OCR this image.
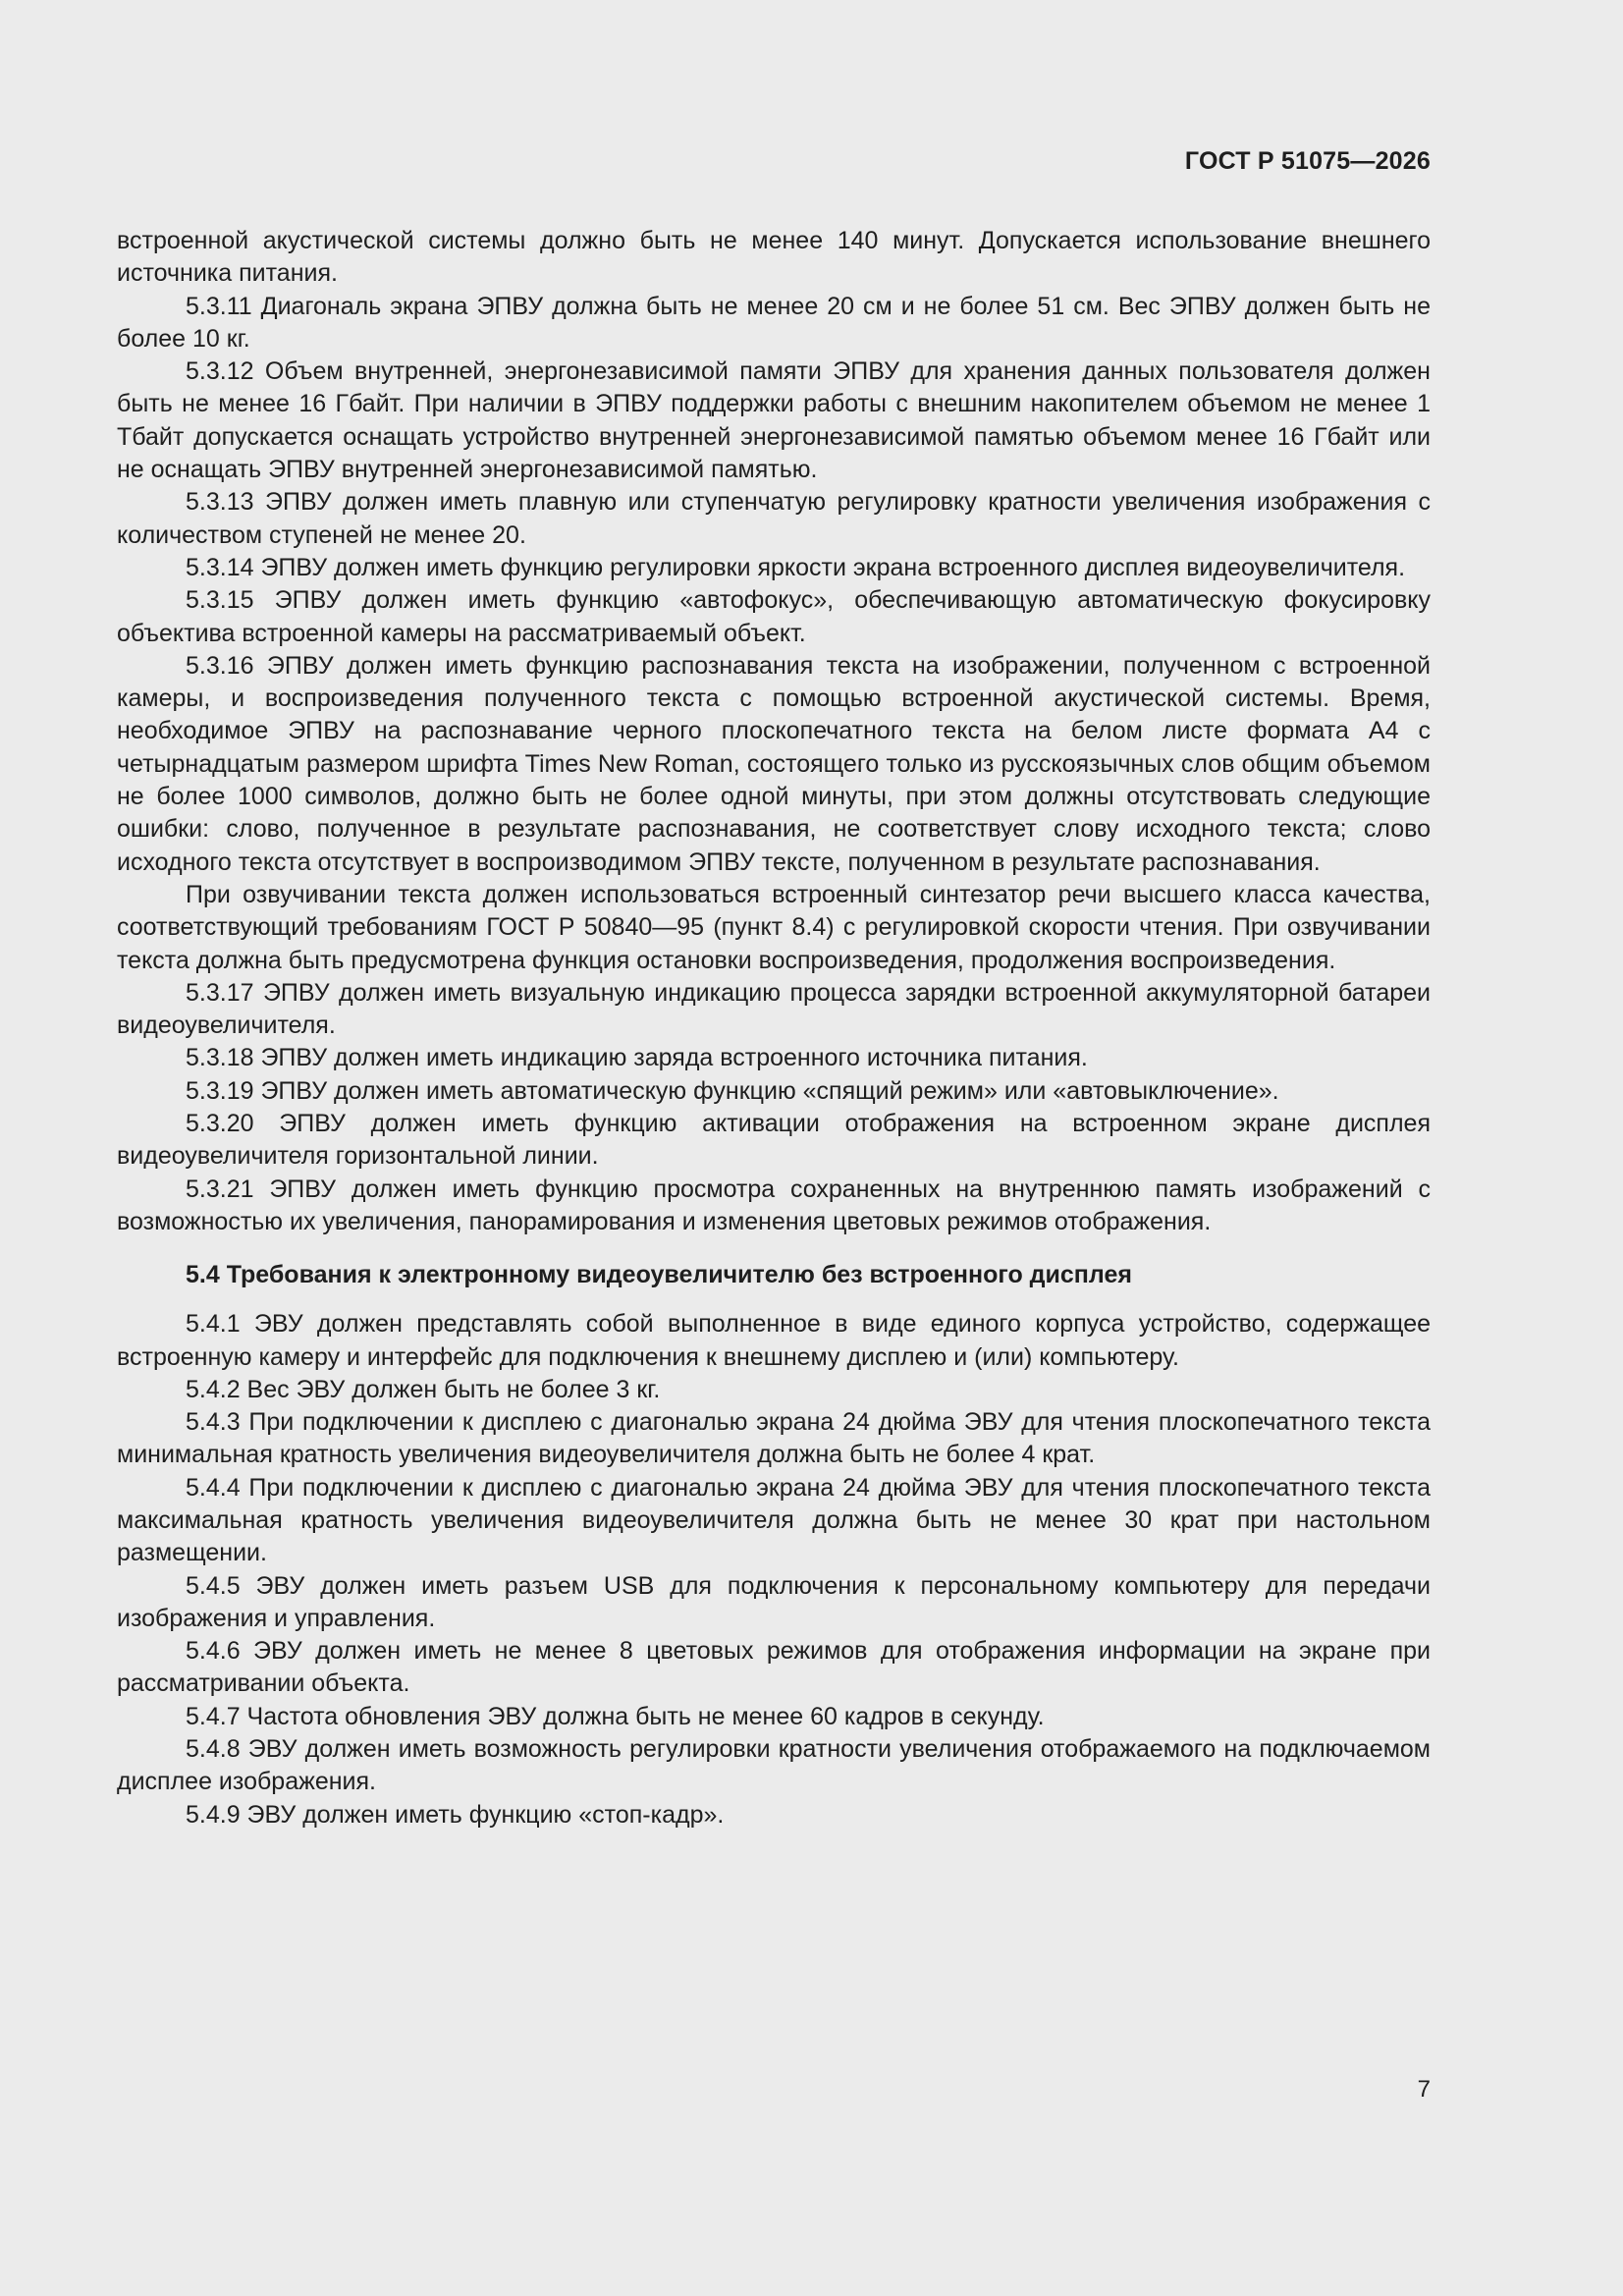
ГОСТ Р 51075—2026

встроенной акустической системы должно быть не менее 140 минут. Допускается использование внешнего источника питания.

5.3.11 Диагональ экрана ЭПВУ должна быть не менее 20 см и не более 51 см. Вес ЭПВУ должен быть не более 10 кг.

5.3.12 Объем внутренней, энергонезависимой памяти ЭПВУ для хранения данных пользователя должен быть не менее 16 Гбайт. При наличии в ЭПВУ поддержки работы с внешним накопителем объемом не менее 1 Тбайт допускается оснащать устройство внутренней энергонезависимой памятью объемом менее 16 Гбайт или не оснащать ЭПВУ внутренней энергонезависимой памятью.

5.3.13 ЭПВУ должен иметь плавную или ступенчатую регулировку кратности увеличения изображения с количеством ступеней не менее 20.

5.3.14 ЭПВУ должен иметь функцию регулировки яркости экрана встроенного дисплея видеоувеличителя.

5.3.15 ЭПВУ должен иметь функцию «автофокус», обеспечивающую автоматическую фокусировку объектива встроенной камеры на рассматриваемый объект.

5.3.16 ЭПВУ должен иметь функцию распознавания текста на изображении, полученном с встроенной камеры, и воспроизведения полученного текста с помощью встроенной акустической системы. Время, необходимое ЭПВУ на распознавание черного плоскопечатного текста на белом листе формата А4 с четырнадцатым размером шрифта Times New Roman, состоящего только из русскоязычных слов общим объемом не более 1000 символов, должно быть не более одной минуты, при этом должны отсутствовать следующие ошибки: слово, полученное в результате распознавания, не соответствует слову исходного текста; слово исходного текста отсутствует в воспроизводимом ЭПВУ тексте, полученном в результате распознавания.

При озвучивании текста должен использоваться встроенный синтезатор речи высшего класса качества, соответствующий требованиям ГОСТ Р 50840—95 (пункт 8.4) с регулировкой скорости чтения. При озвучивании текста должна быть предусмотрена функция остановки воспроизведения, продолжения воспроизведения.

5.3.17 ЭПВУ должен иметь визуальную индикацию процесса зарядки встроенной аккумуляторной батареи видеоувеличителя.

5.3.18 ЭПВУ должен иметь индикацию заряда встроенного источника питания.

5.3.19 ЭПВУ должен иметь автоматическую функцию «спящий режим» или «автовыключение».

5.3.20 ЭПВУ должен иметь функцию активации отображения на встроенном экране дисплея видеоувеличителя горизонтальной линии.

5.3.21 ЭПВУ должен иметь функцию просмотра сохраненных на внутреннюю память изображений с возможностью их увеличения, панорамирования и изменения цветовых режимов отображения.

5.4 Требования к электронному видеоувеличителю без встроенного дисплея

5.4.1 ЭВУ должен представлять собой выполненное в виде единого корпуса устройство, содержащее встроенную камеру и интерфейс для подключения к внешнему дисплею и (или) компьютеру.

5.4.2 Вес ЭВУ должен быть не более 3 кг.

5.4.3 При подключении к дисплею с диагональю экрана 24 дюйма ЭВУ для чтения плоскопечатного текста минимальная кратность увеличения видеоувеличителя должна быть не более 4 крат.

5.4.4 При подключении к дисплею с диагональю экрана 24 дюйма ЭВУ для чтения плоскопечатного текста максимальная кратность увеличения видеоувеличителя должна быть не менее 30 крат при настольном размещении.

5.4.5 ЭВУ должен иметь разъем USB для подключения к персональному компьютеру для передачи изображения и управления.

5.4.6 ЭВУ должен иметь не менее 8 цветовых режимов для отображения информации на экране при рассматривании объекта.

5.4.7 Частота обновления ЭВУ должна быть не менее 60 кадров в секунду.

5.4.8 ЭВУ должен иметь возможность регулировки кратности увеличения отображаемого на подключаемом дисплее изображения.

5.4.9 ЭВУ должен иметь функцию «стоп-кадр».

7
